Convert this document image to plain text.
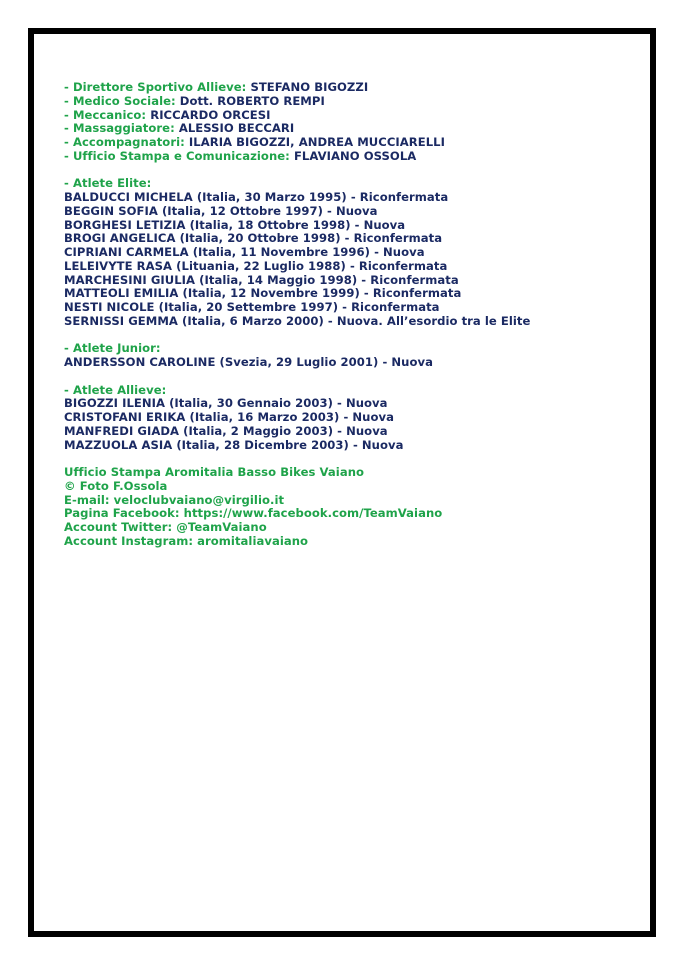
- Direttore Sportivo Allieve: STEFANO BIGOZZI
- Medico Sociale: Dott. ROBERTO REMPI
- Meccanico: RICCARDO ORCESI
- Massaggiatore: ALESSIO BECCARI
- Accompagnatori: ILARIA BIGOZZI, ANDREA MUCCIARELLI
- Ufficio Stampa e Comunicazione: FLAVIANO OSSOLA
- Atlete Elite:
BALDUCCI MICHELA (Italia, 30 Marzo 1995) - Riconfermata
BEGGIN SOFIA (Italia, 12 Ottobre 1997) - Nuova
BORGHESI LETIZIA (Italia, 18 Ottobre 1998) - Nuova
BROGI ANGELICA (Italia, 20 Ottobre 1998) - Riconfermata
CIPRIANI CARMELA (Italia, 11 Novembre 1996) - Nuova
LELEIVYTE RASA (Lituania, 22 Luglio 1988) - Riconfermata
MARCHESINI GIULIA (Italia, 14 Maggio 1998) - Riconfermata
MATTEOLI EMILIA (Italia, 12 Novembre 1999) - Riconfermata
NESTI NICOLE (Italia, 20 Settembre 1997) - Riconfermata
SERNISSI GEMMA (Italia, 6 Marzo 2000) - Nuova. All’esordio tra le Elite
- Atlete Junior:
ANDERSSON CAROLINE (Svezia, 29 Luglio 2001) - Nuova
- Atlete Allieve:
BIGOZZI ILENIA (Italia, 30 Gennaio 2003) - Nuova
CRISTOFANI ERIKA (Italia, 16 Marzo 2003) - Nuova
MANFREDI GIADA (Italia, 2 Maggio 2003) - Nuova
MAZZUOLA ASIA (Italia, 28 Dicembre 2003) - Nuova
Ufficio Stampa Aromitalia Basso Bikes Vaiano
© Foto F.Ossola
E-mail: veloclubvaiano@virgilio.it
Pagina Facebook: https://www.facebook.com/TeamVaiano
Account Twitter: @TeamVaiano
Account Instagram: aromitaliavaiano
